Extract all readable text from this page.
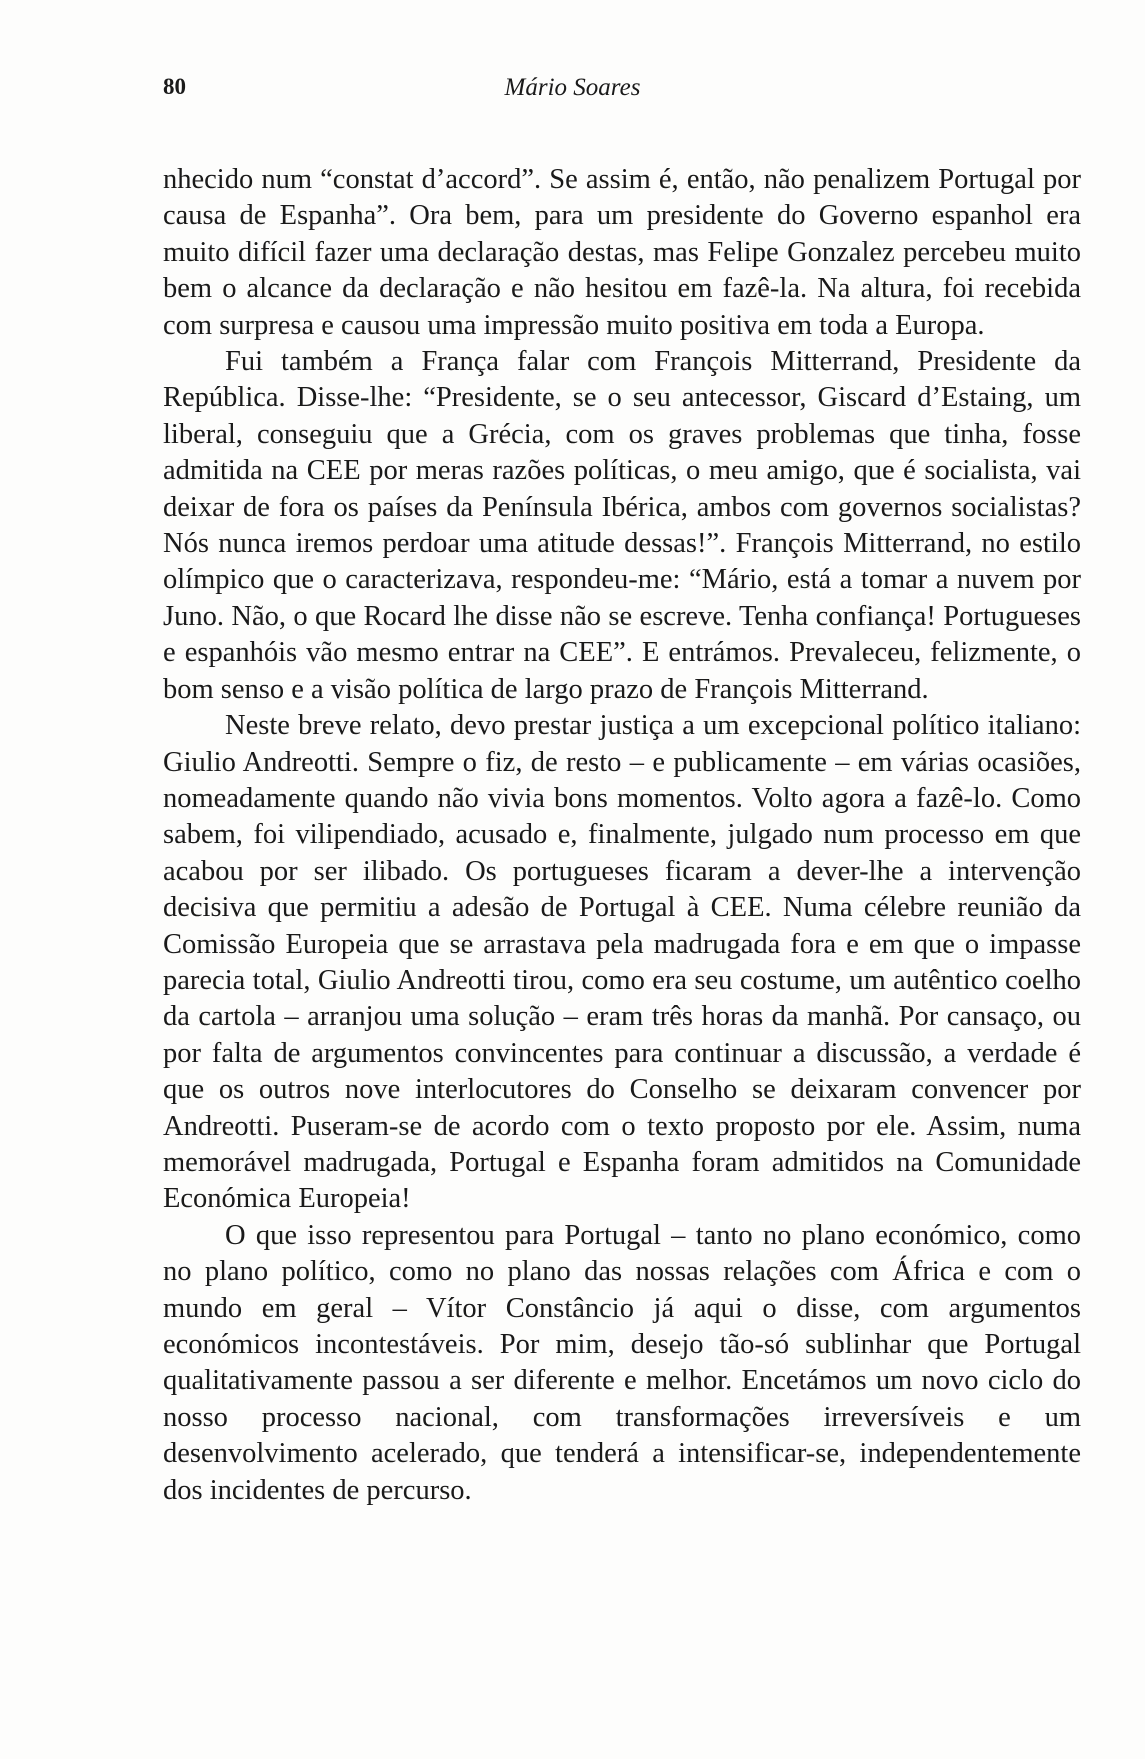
80	Mário Soares

nhecido num “constat d’accord”. Se assim é, então, não penalizem Portugal por causa de Espanha”. Ora bem, para um presidente do Governo espanhol era muito difícil fazer uma declaração destas, mas Felipe Gonzalez percebeu muito bem o alcance da declaração e não hesitou em fazê-la. Na altura, foi recebida com surpresa e causou uma impressão muito positiva em toda a Europa.

Fui também a França falar com François Mitterrand, Presidente da República. Disse-lhe: “Presidente, se o seu antecessor, Giscard d’Estaing, um liberal, conseguiu que a Grécia, com os graves problemas que tinha, fosse admitida na CEE por meras razões políticas, o meu amigo, que é socialista, vai deixar de fora os países da Península Ibérica, ambos com governos socialistas? Nós nunca iremos perdoar uma atitude dessas!”. François Mitterrand, no estilo olímpico que o caracterizava, respondeu-me: “Mário, está a tomar a nuvem por Juno. Não, o que Rocard lhe disse não se escreve. Tenha confiança! Portugueses e espanhóis vão mesmo entrar na CEE”. E entrámos. Prevaleceu, felizmente, o bom senso e a visão política de largo prazo de François Mitterrand.

Neste breve relato, devo prestar justiça a um excepcional político italiano: Giulio Andreotti. Sempre o fiz, de resto – e publicamente – em várias ocasiões, nomeadamente quando não vivia bons momentos. Volto agora a fazê-lo. Como sabem, foi vilipendiado, acusado e, finalmente, julgado num processo em que acabou por ser ilibado. Os portugueses ficaram a dever-lhe a intervenção decisiva que permitiu a adesão de Portugal à CEE. Numa célebre reunião da Comissão Europeia que se arrastava pela madrugada fora e em que o impasse parecia total, Giulio Andreotti tirou, como era seu costume, um autêntico coelho da cartola – arranjou uma solução – eram três horas da manhã. Por cansaço, ou por falta de argumentos convincentes para continuar a discussão, a verdade é que os outros nove interlocutores do Conselho se deixaram convencer por Andreotti. Puseram-se de acordo com o texto proposto por ele. Assim, numa memorável madrugada, Portugal e Espanha foram admitidos na Comunidade Económica Europeia!

O que isso representou para Portugal – tanto no plano económico, como no plano político, como no plano das nossas relações com África e com o mundo em geral – Vítor Constâncio já aqui o disse, com argumentos económicos incontestáveis. Por mim, desejo tão-só sublinhar que Portugal qualitativamente passou a ser diferente e melhor. Encetámos um novo ciclo do nosso processo nacional, com transformações irreversíveis e um desenvolvimento acelerado, que tenderá a intensificar-se, independentemente dos incidentes de percurso.
